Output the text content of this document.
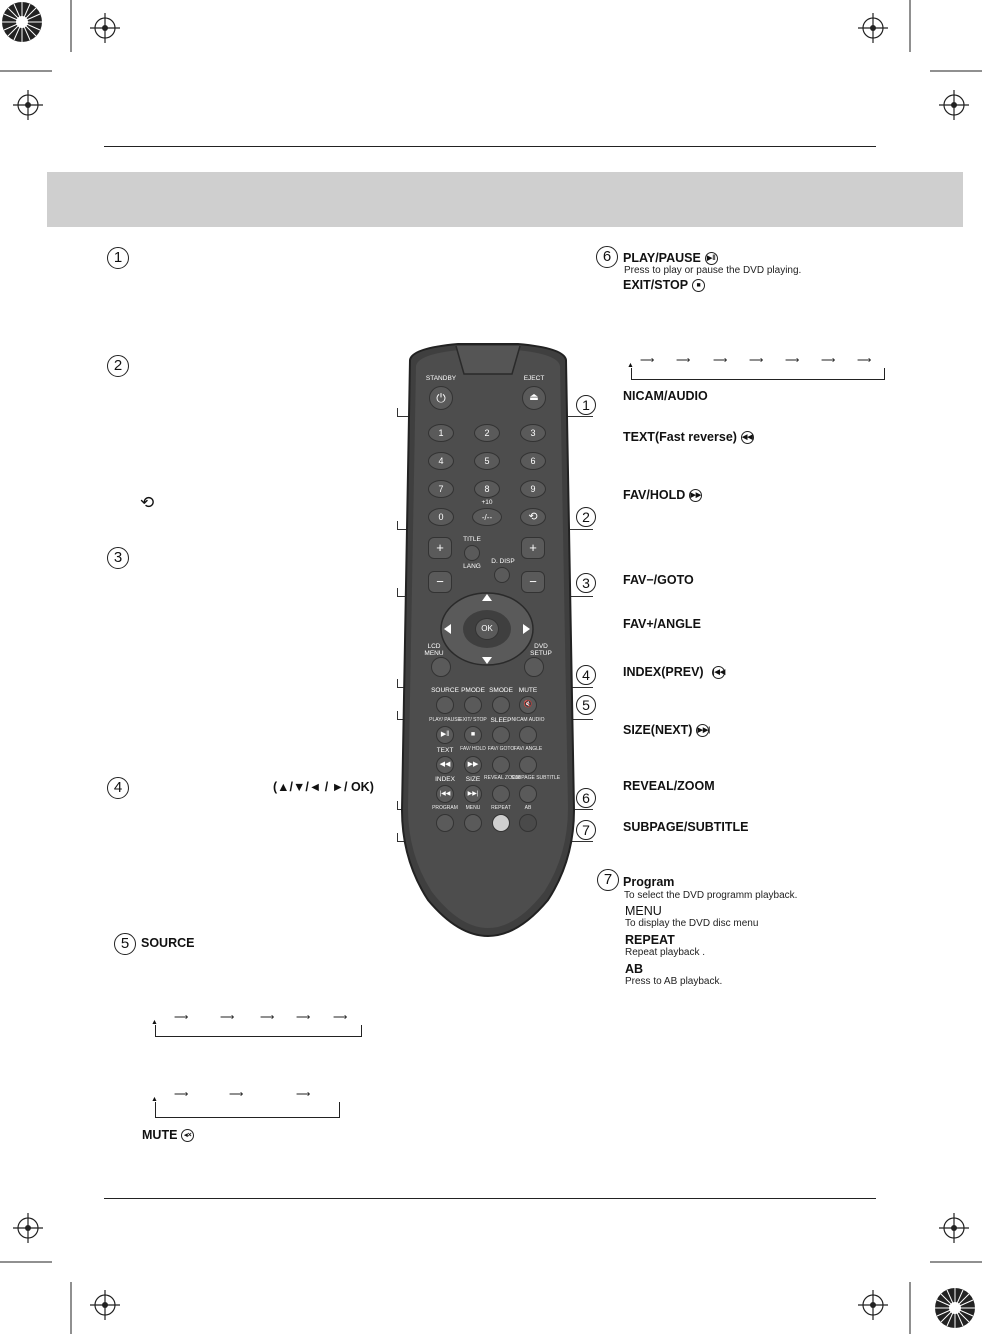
1
2
⟲
3
4	(▲/▼/◄ / ►/ OK)
5 SOURCE
⟶	⟶	⟶ ⟶ ⟶
▲
⟶	⟶	⟶
▲
MUTE ◂×
6 PLAY/PAUSE ▶‖
Press to play or pause the DVD playing.
EXIT/STOP ■
⟶ ⟶ ⟶ ⟶ ⟶ ⟶ ⟶
▲
NICAM/AUDIO
TEXT(Fast reverse) ◀◀
FAV/HOLD ▶▶
FAV−/GOTO
FAV+/ANGLE
INDEX(PREV) |◀◀
SIZE(NEXT) ▶▶|
REVEAL/ZOOM
SUBPAGE/SUBTITLE
7 Program
To select the DVD programm playback.
MENU
To display the DVD disc menu
REPEAT
Repeat playback .
AB
Press to AB playback.
1
2
3
4
5
6
7
STANDBY	EJECT
⏻	⏏
1	2	3
4	5	6
7	8	9
+10
0	-/--	⟲
+
−
+
−
TITLE
LANG
D. DISP
OK
LCD MENU
DVD SETUP
SOURCE PMODE SMODE MUTE
🔇
PLAY/ PAUSE
EXIT/ STOP SLEEP NICAM AUDIO
▶‖	■
TEXT	FAV/ HOLD FAV/ GOTO FAV/ ANGLE
◀◀	▶▶
INDEX	SIZE REVEAL ZOOM
SUBPAGE SUBTITLE
|◀◀	▶▶|
PROGRAM	MENU	REPEAT	AB
